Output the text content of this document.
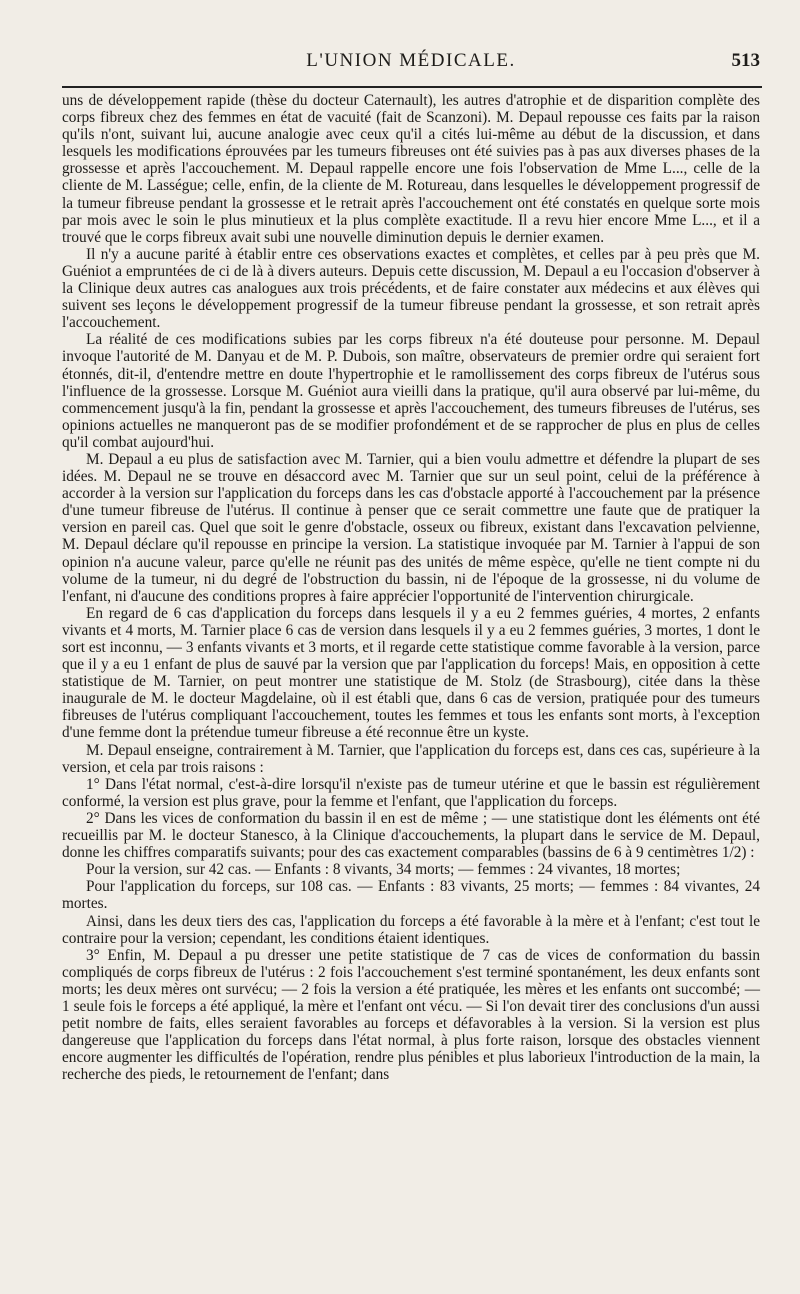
L'UNION MÉDICALE.	513

uns de développement rapide (thèse du docteur Caternault), les autres d'atrophie et de disparition complète des corps fibreux chez des femmes en état de vacuité (fait de Scanzoni). M. Depaul repousse ces faits par la raison qu'ils n'ont, suivant lui, aucune analogie avec ceux qu'il a cités lui-même au début de la discussion, et dans lesquels les modifications éprouvées par les tumeurs fibreuses ont été suivies pas à pas aux diverses phases de la grossesse et après l'accouchement. M. Depaul rappelle encore une fois l'observation de Mme L..., celle de la cliente de M. Lasségue; celle, enfin, de la cliente de M. Rotureau, dans lesquelles le développement progressif de la tumeur fibreuse pendant la grossesse et le retrait après l'accouchement ont été constatés en quelque sorte mois par mois avec le soin le plus minutieux et la plus complète exactitude. Il a revu hier encore Mme L..., et il a trouvé que le corps fibreux avait subi une nouvelle diminution depuis le dernier examen.

Il n'y a aucune parité à établir entre ces observations exactes et complètes, et celles par à peu près que M. Guéniot a empruntées de ci de là à divers auteurs. Depuis cette discussion, M. Depaul a eu l'occasion d'observer à la Clinique deux autres cas analogues aux trois précédents, et de faire constater aux médecins et aux élèves qui suivent ses leçons le développement progressif de la tumeur fibreuse pendant la grossesse, et son retrait après l'accouchement.

La réalité de ces modifications subies par les corps fibreux n'a été douteuse pour personne. M. Depaul invoque l'autorité de M. Danyau et de M. P. Dubois, son maître, observateurs de premier ordre qui seraient fort étonnés, dit-il, d'entendre mettre en doute l'hypertrophie et le ramollissement des corps fibreux de l'utérus sous l'influence de la grossesse. Lorsque M. Guéniot aura vieilli dans la pratique, qu'il aura observé par lui-même, du commencement jusqu'à la fin, pendant la grossesse et après l'accouchement, des tumeurs fibreuses de l'utérus, ses opinions actuelles ne manqueront pas de se modifier profondément et de se rapprocher de plus en plus de celles qu'il combat aujourd'hui.

M. Depaul a eu plus de satisfaction avec M. Tarnier, qui a bien voulu admettre et défendre la plupart de ses idées. M. Depaul ne se trouve en désaccord avec M. Tarnier que sur un seul point, celui de la préférence à accorder à la version sur l'application du forceps dans les cas d'obstacle apporté à l'accouchement par la présence d'une tumeur fibreuse de l'utérus. Il continue à penser que ce serait commettre une faute que de pratiquer la version en pareil cas. Quel que soit le genre d'obstacle, osseux ou fibreux, existant dans l'excavation pelvienne, M. Depaul déclare qu'il repousse en principe la version. La statistique invoquée par M. Tarnier à l'appui de son opinion n'a aucune valeur, parce qu'elle ne réunit pas des unités de même espèce, qu'elle ne tient compte ni du volume de la tumeur, ni du degré de l'obstruction du bassin, ni de l'époque de la grossesse, ni du volume de l'enfant, ni d'aucune des conditions propres à faire apprécier l'opportunité de l'intervention chirurgicale.

En regard de 6 cas d'application du forceps dans lesquels il y a eu 2 femmes guéries, 4 mortes, 2 enfants vivants et 4 morts, M. Tarnier place 6 cas de version dans lesquels il y a eu 2 femmes guéries, 3 mortes, 1 dont le sort est inconnu, — 3 enfants vivants et 3 morts, et il regarde cette statistique comme favorable à la version, parce que il y a eu 1 enfant de plus de sauvé par la version que par l'application du forceps! Mais, en opposition à cette statistique de M. Tarnier, on peut montrer une statistique de M. Stolz (de Strasbourg), citée dans la thèse inaugurale de M. le docteur Magdelaine, où il est établi que, dans 6 cas de version, pratiquée pour des tumeurs fibreuses de l'utérus compliquant l'accouchement, toutes les femmes et tous les enfants sont morts, à l'exception d'une femme dont la prétendue tumeur fibreuse a été reconnue être un kyste.

M. Depaul enseigne, contrairement à M. Tarnier, que l'application du forceps est, dans ces cas, supérieure à la version, et cela par trois raisons :

1° Dans l'état normal, c'est-à-dire lorsqu'il n'existe pas de tumeur utérine et que le bassin est régulièrement conformé, la version est plus grave, pour la femme et l'enfant, que l'application du forceps.

2° Dans les vices de conformation du bassin il en est de même ; — une statistique dont les éléments ont été recueillis par M. le docteur Stanesco, à la Clinique d'accouchements, la plupart dans le service de M. Depaul, donne les chiffres comparatifs suivants; pour des cas exactement comparables (bassins de 6 à 9 centimètres 1/2) :

Pour la version, sur 42 cas. — Enfants : 8 vivants, 34 morts; — femmes : 24 vivantes, 18 mortes;

Pour l'application du forceps, sur 108 cas. — Enfants : 83 vivants, 25 morts; — femmes : 84 vivantes, 24 mortes.

Ainsi, dans les deux tiers des cas, l'application du forceps a été favorable à la mère et à l'enfant; c'est tout le contraire pour la version; cependant, les conditions étaient identiques.

3° Enfin, M. Depaul a pu dresser une petite statistique de 7 cas de vices de conformation du bassin compliqués de corps fibreux de l'utérus : 2 fois l'accouchement s'est terminé spontanément, les deux enfants sont morts; les deux mères ont survécu; — 2 fois la version a été pratiquée, les mères et les enfants ont succombé; — 1 seule fois le forceps a été appliqué, la mère et l'enfant ont vécu. — Si l'on devait tirer des conclusions d'un aussi petit nombre de faits, elles seraient favorables au forceps et défavorables à la version. Si la version est plus dangereuse que l'application du forceps dans l'état normal, à plus forte raison, lorsque des obstacles viennent encore augmenter les difficultés de l'opération, rendre plus pénibles et plus laborieux l'introduction de la main, la recherche des pieds, le retournement de l'enfant; dans
